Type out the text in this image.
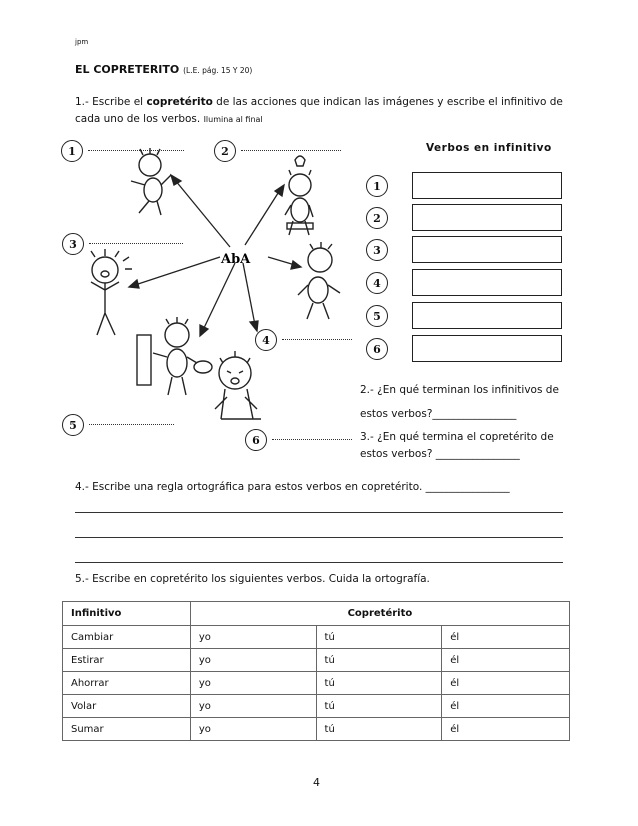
jpm
EL COPRETERITO (L.E. pág. 15 Y 20)
1.- Escribe el copretérito de las acciones que indican las imágenes y escribe el infinitivo de
cada uno de los verbos. Ilumina al final
AbA
1	2
3
4
5
6
Verbos en infinitivo
1
2
3
4
5
6
2.- ¿En qué terminan los infinitivos de
estos verbos?________________
3.- ¿En qué termina el copretérito de
estos verbos? ________________
4.- Escribe una regla ortográfica para estos verbos en copretérito. ________________
5.- Escribe en copretérito los siguientes verbos. Cuida la ortografía.
Infinitivo	Copretérito		
Cambiar	yo	tú	él
Estirar	yo	tú	él
Ahorrar	yo	tú	él
Volar	yo	tú	él
Sumar	yo	tú	él
4
